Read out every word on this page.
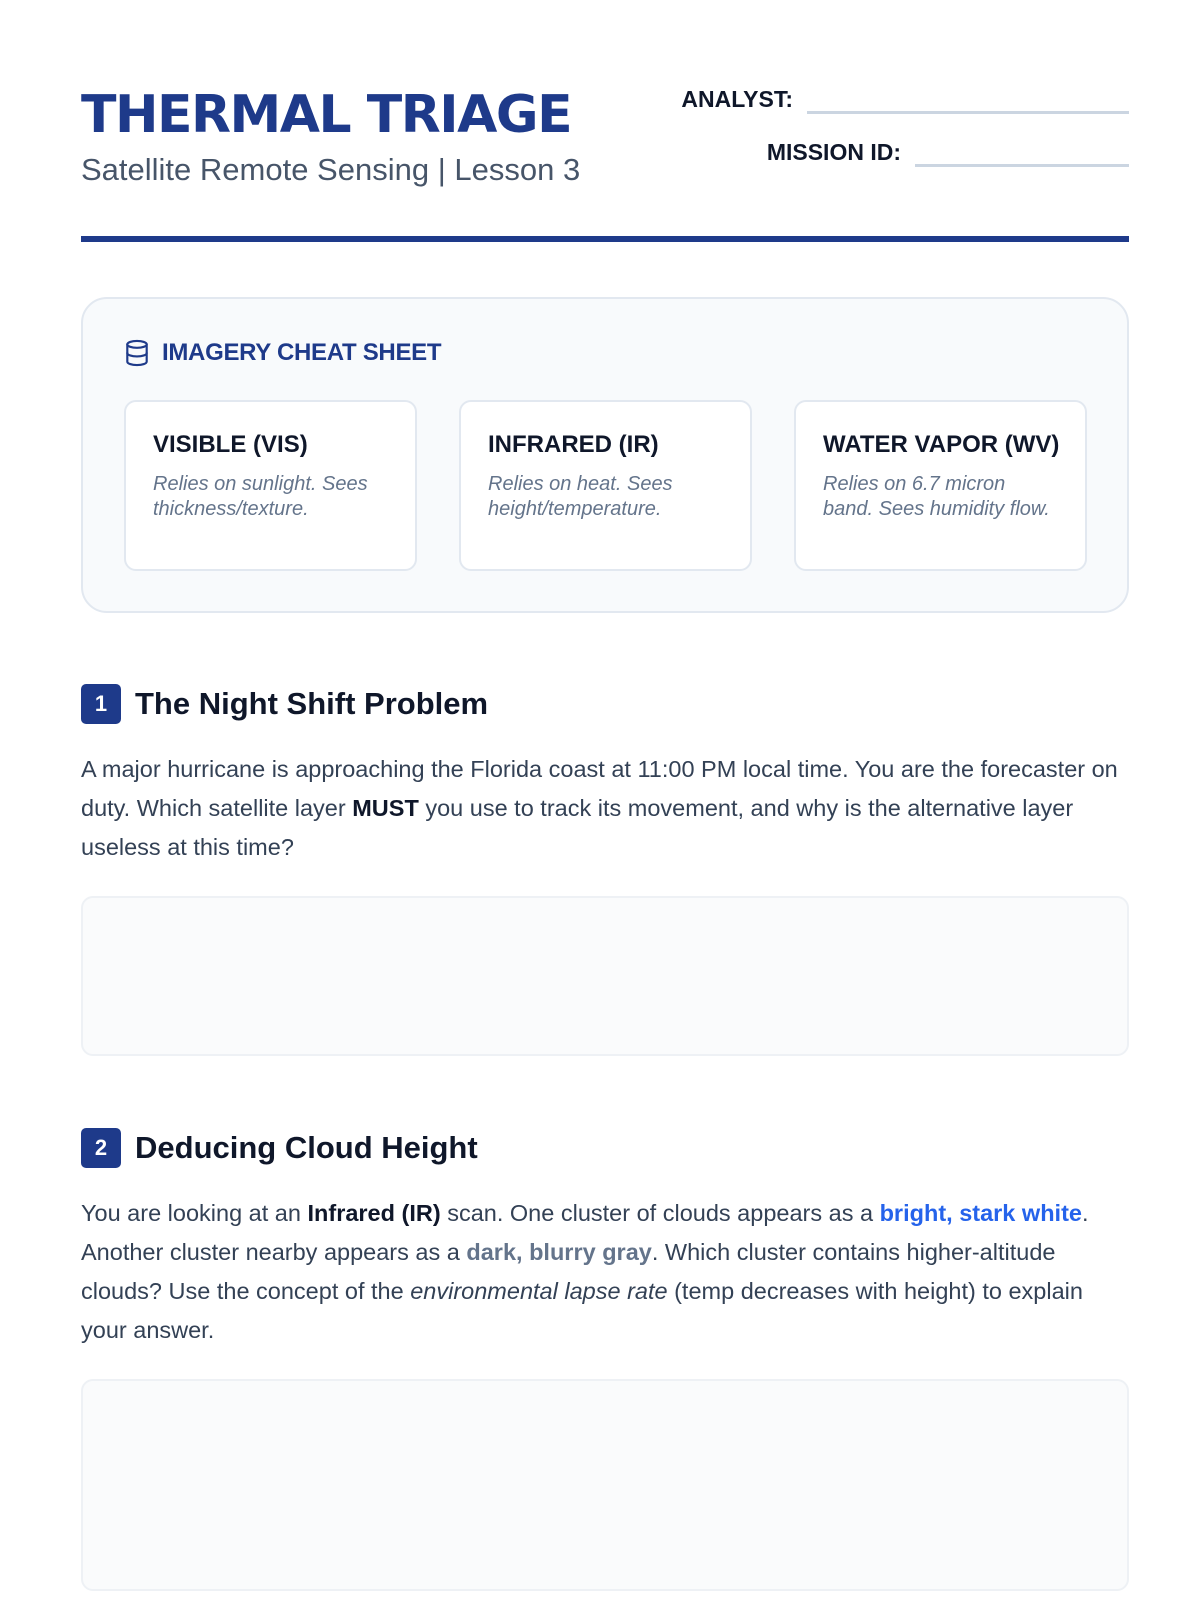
THERMAL TRIAGE
Satellite Remote Sensing | Lesson 3
ANALYST:
MISSION ID:
IMAGERY CHEAT SHEET
VISIBLE (VIS)
Relies on sunlight. Sees thickness/texture.
INFRARED (IR)
Relies on heat. Sees height/temperature.
WATER VAPOR (WV)
Relies on 6.7 micron band. Sees humidity flow.
1 The Night Shift Problem
A major hurricane is approaching the Florida coast at 11:00 PM local time. You are the forecaster on duty. Which satellite layer MUST you use to track its movement, and why is the alternative layer useless at this time?
2 Deducing Cloud Height
You are looking at an Infrared (IR) scan. One cluster of clouds appears as a bright, stark white. Another cluster nearby appears as a dark, blurry gray. Which cluster contains higher-altitude clouds? Use the concept of the environmental lapse rate (temp decreases with height) to explain your answer.
